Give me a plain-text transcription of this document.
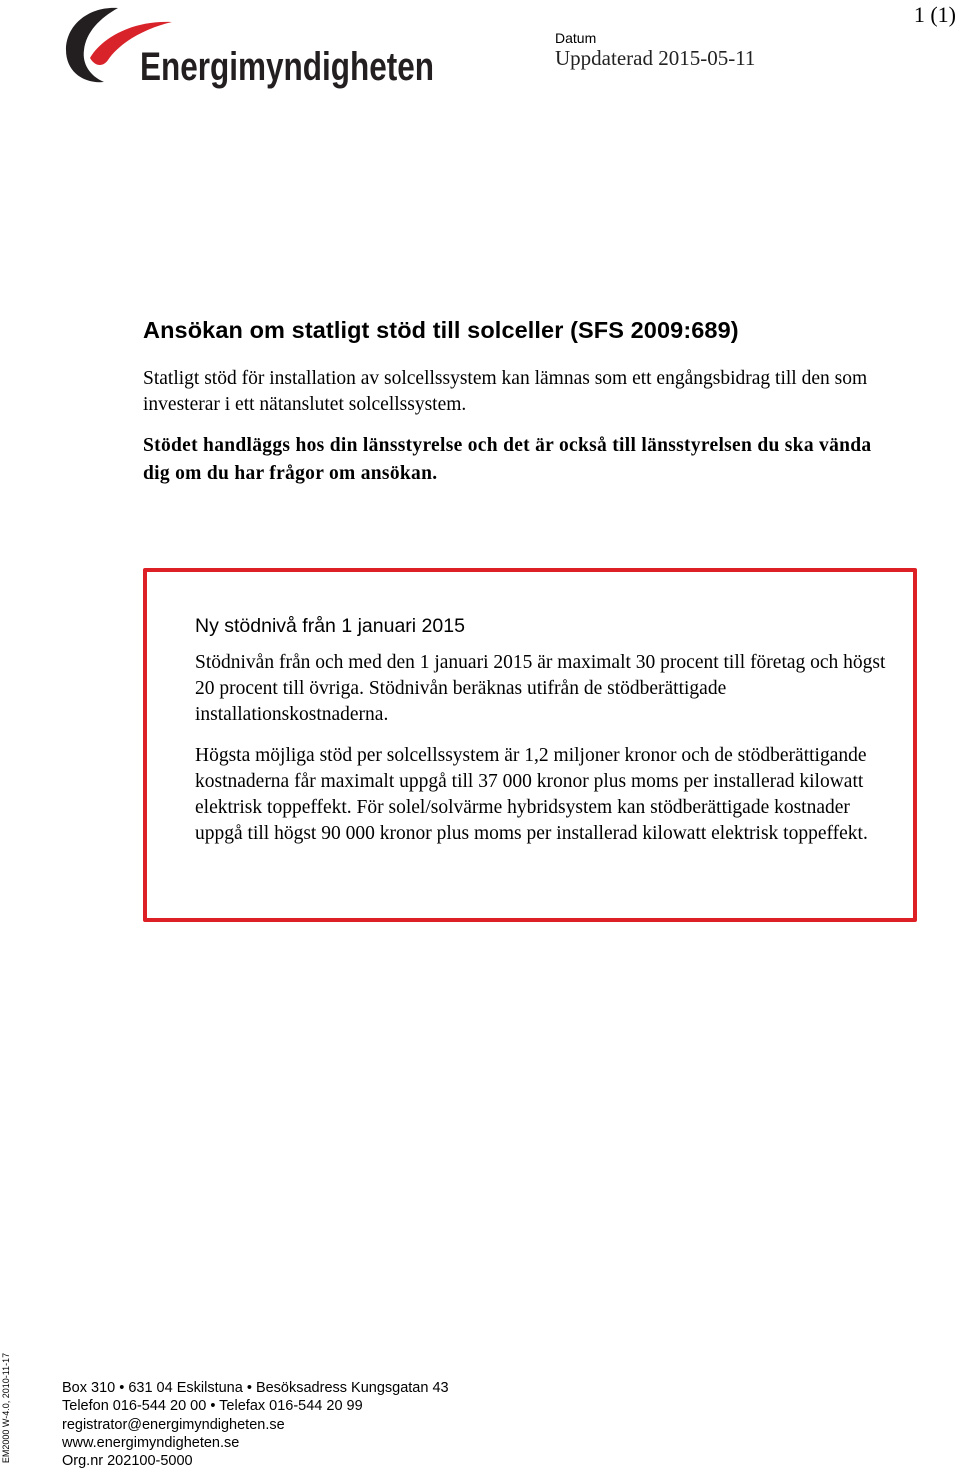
Energimyndigheten
1 (1)
Datum
Uppdaterad 2015-05-11
Ansökan om statligt stöd till solceller (SFS 2009:689)

Statligt stöd för installation av solcellssystem kan lämnas som ett engångsbidrag till den som investerar i ett nätanslutet solcellssystem.

Stödet handläggs hos din länsstyrelse och det är också till länsstyrelsen du ska vända dig om du har frågor om ansökan.

Ny stödnivå från 1 januari 2015

Stödnivån från och med den 1 januari 2015 är maximalt 30 procent till företag och högst 20 procent till övriga. Stödnivån beräknas utifrån de stödberättigade installationskostnaderna.

Högsta möjliga stöd per solcellssystem är 1,2 miljoner kronor och de stödberättigande kostnaderna får maximalt uppgå till 37 000 kronor plus moms per installerad kilowatt elektrisk toppeffekt. För solel/solvärme hybridsystem kan stödberättigade kostnader uppgå till högst 90 000 kronor plus moms per installerad kilowatt elektrisk toppeffekt.

EM2000 W-4.0, 2010-11-17	Box 310 • 631 04 Eskilstuna • Besöksadress Kungsgatan 43
Telefon 016-544 20 00 • Telefax 016-544 20 99
registrator@energimyndigheten.se
www.energimyndigheten.se
Org.nr 202100-5000
